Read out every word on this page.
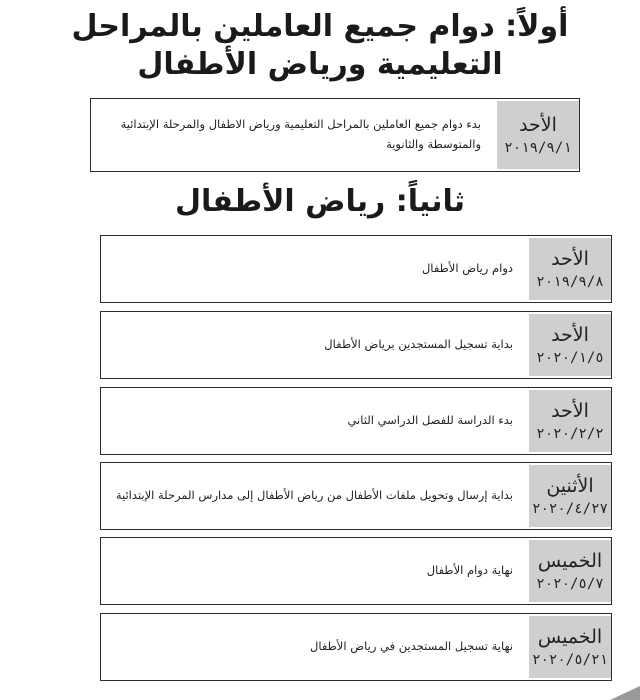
أولاً: دوام جميع العاملين بالمراحل التعليمية ورياض الأطفال
الأحد
٢٠١٩/٩/١
بدء دوام جميع العاملين بالمراحل التعليمية ورياض الاطفال والمرحلة الإبتدائية والمتوسطة والثانوية
ثانياً: رياض الأطفال
الأحد
٢٠١٩/٩/٨
دوام رياض الأطفال
الأحد
٢٠٢٠/١/٥
بداية تسجيل المستجدين برياض الأطفال
الأحد
٢٠٢٠/٢/٢
بدء الدراسة للفصل الدراسي الثاني
الأثنين
٢٠٢٠/٤/٢٧
بداية إرسال وتحويل ملفات الأطفال من رياض الأطفال إلى مدارس المرحلة الإبتدائية
الخميس
٢٠٢٠/٥/٧
نهاية دوام الأطفال
الخميس
٢٠٢٠/٥/٢١
نهاية تسجيل المستجدين في رياض الأطفال
